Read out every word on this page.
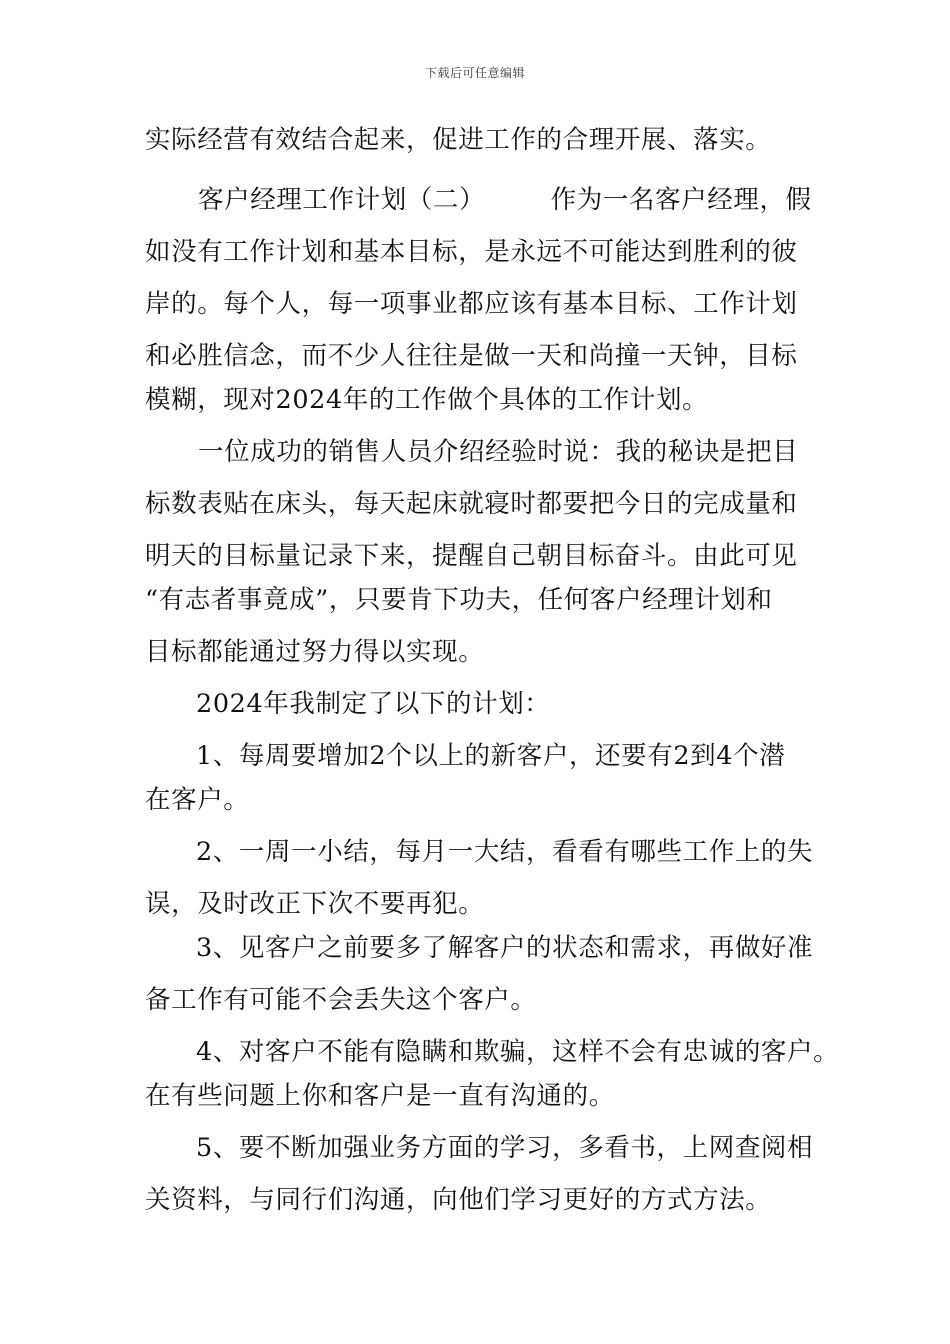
下载后可任意编辑
实际经营有效结合起来，促进工作的合理开展、落实。
客户经理工作计划（二）　　　作为一名客户经理，假
如没有工作计划和基本目标，是永远不可能达到胜利的彼
岸的。每个人，每一项事业都应该有基本目标、工作计划
和必胜信念，而不少人往往是做一天和尚撞一天钟，目标
模糊，现对2024年的工作做个具体的工作计划。
一位成功的销售人员介绍经验时说：我的秘诀是把目
标数表贴在床头，每天起床就寝时都要把今日的完成量和
明天的目标量记录下来，提醒自己朝目标奋斗。由此可见
“有志者事竟成”，只要肯下功夫，任何客户经理计划和
目标都能通过努力得以实现。
2024年我制定了以下的计划：
1、每周要增加2个以上的新客户，还要有2到4个潜
在客户。
2、一周一小结，每月一大结，看看有哪些工作上的失
误，及时改正下次不要再犯。
3、见客户之前要多了解客户的状态和需求，再做好准
备工作有可能不会丢失这个客户。
4、对客户不能有隐瞒和欺骗，这样不会有忠诚的客户。
在有些问题上你和客户是一直有沟通的。
5、要不断加强业务方面的学习，多看书，上网查阅相
关资料，与同行们沟通，向他们学习更好的方式方法。
